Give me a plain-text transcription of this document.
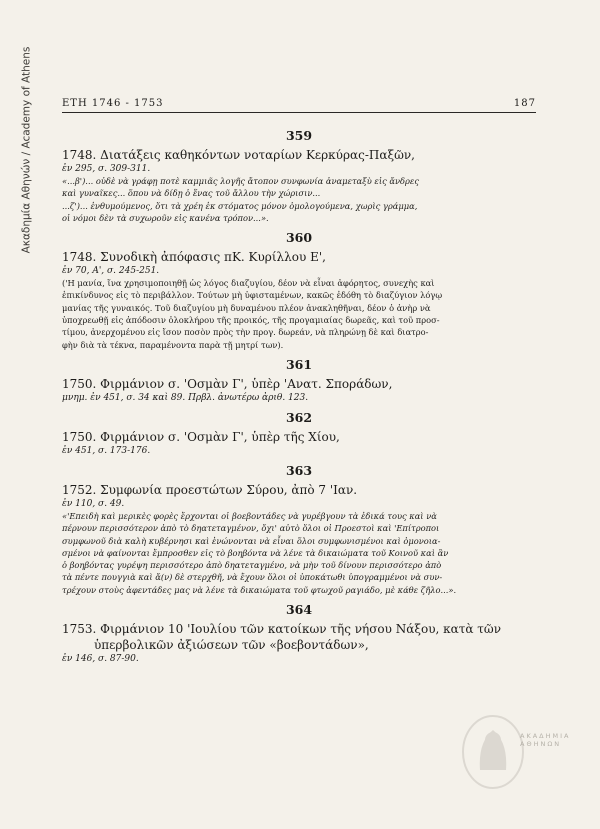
Ακαδημία Αθηνών / Academy of Athens	ΕΤΗ 1746 - 1753	187
359
1748. Διατάξεις καθηκόντων νοταρίων Κερκύρας-Παξῶν,
ἐν 295, σ. 309-311.
«...β')... οὐδὲ νὰ γράφῃ ποτὲ καμμιᾶς λογῆς ἄτοπον συνφωνία ἀναμεταξὺ εἰς ἄνδρες
καὶ γυναῖκες... ὅπου νὰ δίδῃ ὁ ἕνας τοῦ ἄλλου τὴν χώρισιν...
...ζ')... ἐνθυμούμενος, ὅτι τὰ χρέη ἐκ στόματος μόνον ὁμολογούμενα, χωρὶς γράμμα,
οἱ νόμοι δὲν τὰ συχωροῦν εἰς κανένα τρόπον...».
360
1748. Συνοδικὴ ἀπόφασις πΚ. Κυρίλλου Ε',
ἐν 70, Α', σ. 245-251.
('Η μανία, ἵνα χρησιμοποιηθῇ ὡς λόγος διαζυγίου, δέον νὰ εἶναι ἀφόρητος, συνεχὴς καὶ
ἐπικίνδυνος εἰς τὸ περιβάλλον. Τούτων μὴ ὑφισταμένων, κακῶς ἐδόθη τὸ διαζύγιον λόγῳ
μανίας τῆς γυναικός. Τοῦ διαζυγίου μὴ δυναμένου πλέον ἀνακληθῆναι, δέον ὁ ἀνὴρ νὰ
ὑποχρεωθῇ εἰς ἀπόδοσιν ὁλοκλήρου τῆς προικός, τῆς προγαμιαίας δωρεᾶς, καὶ τοῦ προσ-
τίμου, ἀνερχομένου εἰς ἴσον ποσὸν πρὸς τὴν προγ. δωρεάν, νὰ πληρώνῃ δὲ καὶ διατρο-
φὴν διὰ τὰ τέκνα, παραμένοντα παρὰ τῇ μητρί των).
361
1750. Φιρμάνιον σ. 'Οσμὰν Γ', ὑπὲρ 'Ανατ. Σποράδων,
μνημ. ἐν 451, σ. 34 καὶ 89. Πρβλ. ἀνωτέρω ἀριθ. 123.
362
1750. Φιρμάνιον σ. 'Οσμὰν Γ', ὑπὲρ τῆς Χίου,
ἐν 451, σ. 173-176.
363
1752. Συμφωνία προεστώτων Σύρου, ἀπὸ 7 'Ιαν.
ἐν 110, σ. 49.
«'Επειδὴ καὶ μερικὲς φορὲς ἔρχονται οἱ βοεβοντάδες νὰ γυρέβγουν τὰ ἐδικά τους καὶ νὰ
πέρνουν περισσότερον ἀπὸ τὸ δηατεταγμένον, ὄχι' αὐτὸ ὅλοι οἱ Προεστοὶ καὶ 'Επίτροποι
συμφωνοῦ διὰ καλὴ κυβέρνησι καὶ ἑνώνονται νὰ εἶναι ὅλοι συμφωνισμένοι καὶ ὁμονοια-
σμένοι νὰ φαίνονται ἔμπροσθεν εἰς τὸ βοηβόντα νὰ λένε τὰ δικαιώματα τοῦ Κοινοῦ καὶ ἂν
ὁ βοηβόντας γυρέψη περισσότερο ἀπὸ δηατεταγμένο, νὰ μὴν τοῦ δίνουν περισσότερο ἀπὸ
τὰ πέντε πουγγιὰ καὶ ἄ(ν) δὲ στερχθῆ, νὰ ἔχουν ὅλοι οἱ ὑποκάτωθι ὑπογραμμένοι νὰ συν-
τρέχουν στοὺς ἀφεντάδες μας νὰ λένε τὰ δικαιώματα τοῦ φτωχοῦ ραγιάδο, μὲ κάθε ζῆλο...».
364
1753. Φιρμάνιον 10 'Ιουλίου τῶν κατοίκων τῆς νήσου Νάξου, κατὰ τῶν ὑπερβολικῶν ἀξιώσεων τῶν «βοεβοντάδων»,
ἐν 146, σ. 87-90.
ΑΚΑΔΗΜΙΑ ΑΘΗΝΩΝ
